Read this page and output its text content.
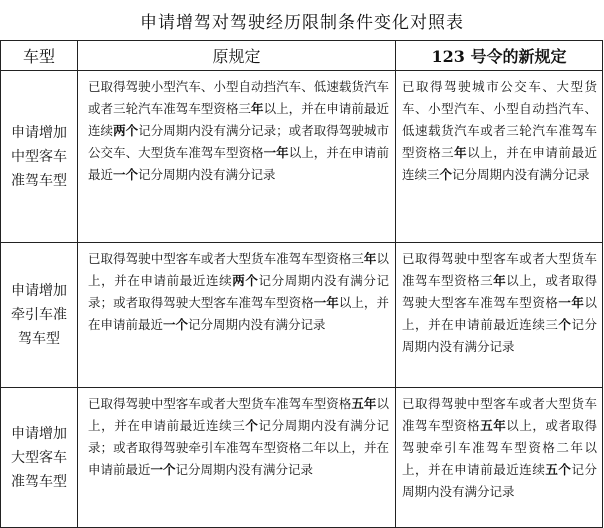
申请增驾对驾驶经历限制条件变化对照表
车型	原规定	123 号令的新规定
申请增加中型客车准驾车型	已取得驾驶小型汽车、小型自动挡汽车、低速载货汽车或者三轮汽车准驾车型资格三年以上，并在申请前最近连续两个记分周期内没有满分记录；或者取得驾驶城市公交车、大型货车准驾车型资格一年以上，并在申请前最近一个记分周期内没有满分记录	已取得驾驶城市公交车、大型货车、小型汽车、小型自动挡汽车、低速载货汽车或者三轮汽车准驾车型资格三年以上，并在申请前最近连续三个记分周期内没有满分记录
申请增加牵引车准驾车型	已取得驾驶中型客车或者大型货车准驾车型资格三年以上，并在申请前最近连续两个记分周期内没有满分记录；或者取得驾驶大型客车准驾车型资格一年以上，并在申请前最近一个记分周期内没有满分记录	已取得驾驶中型客车或者大型货车准驾车型资格三年以上，或者取得驾驶大型客车准驾车型资格一年以上，并在申请前最近连续三个记分周期内没有满分记录
申请增加大型客车准驾车型	已取得驾驶中型客车或者大型货车准驾车型资格五年以上，并在申请前最近连续三个记分周期内没有满分记录；或者取得驾驶牵引车准驾车型资格二年以上，并在申请前最近一个记分周期内没有满分记录	已取得驾驶中型客车或者大型货车准驾车型资格五年以上，或者取得驾驶牵引车准驾车型资格二年以上，并在申请前最近连续五个记分周期内没有满分记录
